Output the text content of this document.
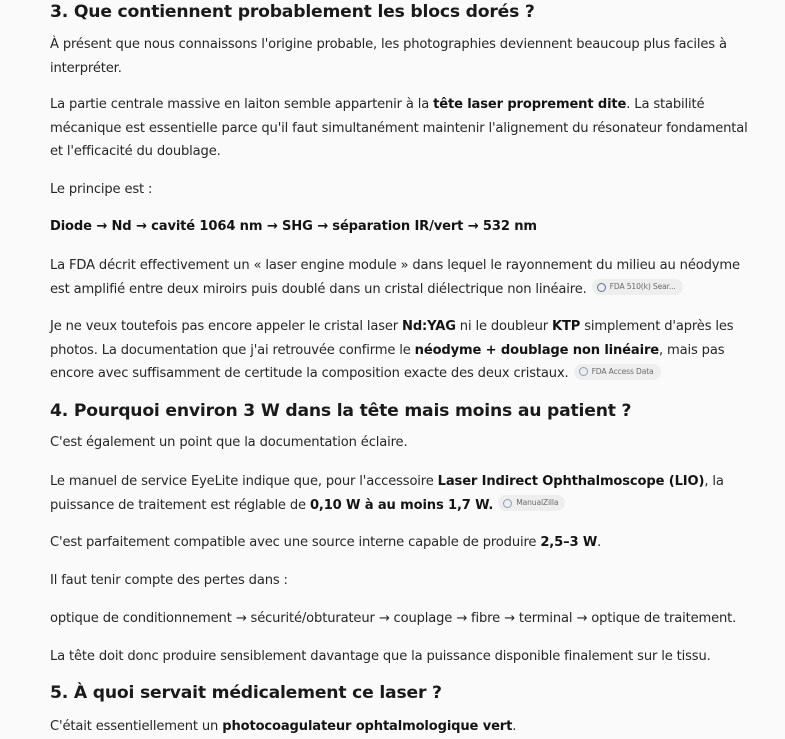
3. Que contiennent probablement les blocs dorés ?

À présent que nous connaissons l'origine probable, les photographies deviennent beaucoup plus faciles à interpréter.

La partie centrale massive en laiton semble appartenir à la tête laser proprement dite. La stabilité mécanique est essentielle parce qu'il faut simultanément maintenir l'alignement du résonateur fondamental et l'efficacité du doublage.

Le principe est :

Diode → Nd → cavité 1064 nm → SHG → séparation IR/vert → 532 nm

La FDA décrit effectivement un « laser engine module » dans lequel le rayonnement du milieu au néodyme est amplifié entre deux miroirs puis doublé dans un cristal diélectrique non linéaire.	FDA 510(k) Sear...

Je ne veux toutefois pas encore appeler le cristal laser Nd:YAG ni le doubleur KTP simplement d'après les photos. La documentation que j'ai retrouvée confirme le néodyme + doublage non linéaire, mais pas encore avec suffisamment de certitude la composition exacte des deux cristaux.	FDA Access Data

4. Pourquoi environ 3 W dans la tête mais moins au patient ?

C'est également un point que la documentation éclaire.

Le manuel de service EyeLite indique que, pour l'accessoire Laser Indirect Ophthalmoscope (LIO), la puissance de traitement est réglable de 0,10 W à au moins 1,7 W.	ManualZilla

C'est parfaitement compatible avec une source interne capable de produire 2,5–3 W.

Il faut tenir compte des pertes dans :

optique de conditionnement → sécurité/obturateur → couplage → fibre → terminal → optique de traitement.

La tête doit donc produire sensiblement davantage que la puissance disponible finalement sur le tissu.

5. À quoi servait médicalement ce laser ?

C'était essentiellement un photocoagulateur ophtalmologique vert.
